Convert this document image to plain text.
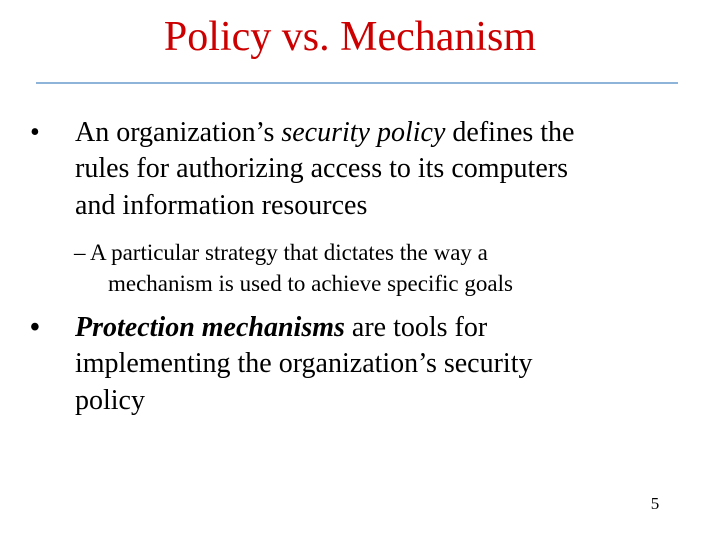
Policy vs. Mechanism
•	An organization’s security policy defines the
rules for authorizing access to its computers
and information resources
– A particular strategy that dictates the way a
mechanism is used to achieve specific goals
•	Protection mechanisms are tools for
implementing the organization’s security
policy
5
